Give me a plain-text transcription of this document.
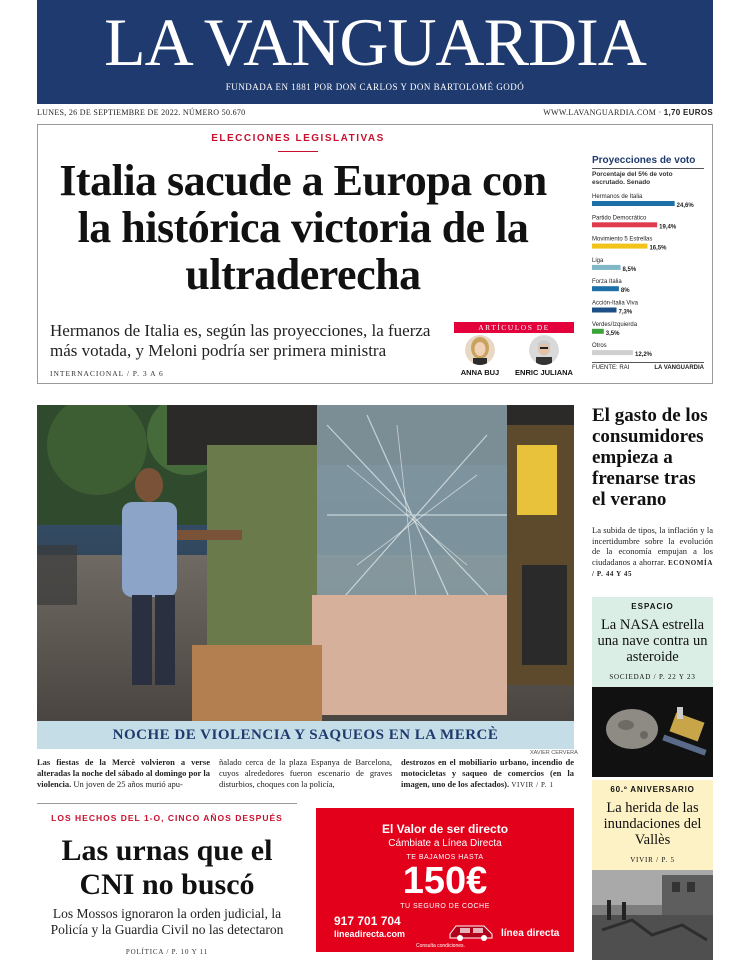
LA VANGUARDIA
FUNDADA EN 1881 POR DON CARLOS Y DON BARTOLOMÉ GODÓ
LUNES, 26 DE SEPTIEMBRE DE 2022. NÚMERO 50.670	WWW.LAVANGUARDIA.COM · 1,70 EUROS
ELECCIONES LEGISLATIVAS
Italia sacude a Europa con la histórica victoria de la ultraderecha
Hermanos de Italia es, según las proyecciones, la fuerza más votada, y Meloni podría ser primera ministra
INTERNACIONAL / P. 3 A 6
ARTÍCULOS DE
ANNA BUJ	ENRIC JULIANA
Proyecciones de voto
Porcentaje del 5% de voto escrutado. Senado
Hermanos de Italia
24,6%
Partido Democrático
19,4%
Movimiento 5 Estrellas
16,5%
Liga
8,5%
Forza Italia
8%
Acción-Italia Viva
7,3%
Verdes/Izquierda
3,5%
Otros
12,2%
FUENTE: RAI	LA VANGUARDIA
NOCHE DE VIOLENCIA Y SAQUEOS EN LA MERCÈ
XAVIER CERVERA
Las fiestas de la Mercè volvieron a verse alteradas la noche del sábado al domingo por la violencia. Un joven de 25 años murió apu-
ñalado cerca de la plaza Espanya de Barcelona, cuyos alrededores fueron escenario de graves disturbios, choques con la policía,
destrozos en el mobiliario urbano, incendio de motocicletas y saqueo de comercios (en la imagen, uno de los afectados). VIVIR / P. 1
El gasto de los consumidores empieza a frenarse tras el verano
La subida de tipos, la inflación y la incertidumbre sobre la evolución de la economía empujan a los ciudadanos a ahorrar. ECONOMÍA / P. 44 Y 45
ESPACIO
La NASA estrella una nave contra un asteroide
SOCIEDAD / P. 22 Y 23
60.º ANIVERSARIO
La herida de las inundaciones del Vallès
VIVIR / P. 5
LOS HECHOS DEL 1-O, CINCO AÑOS DESPUÉS
Las urnas que el CNI no buscó
Los Mossos ignoraron la orden judicial, la Policía y la Guardia Civil no las detectaron
POLÍTICA / P. 10 Y 11
El Valor de ser directo
Cámbiate a Línea Directa
TE BAJAMOS HASTA
150€
TU SEGURO DE COCHE
917 701 704
lineadirecta.com	línea directa
Consulta condiciones.
